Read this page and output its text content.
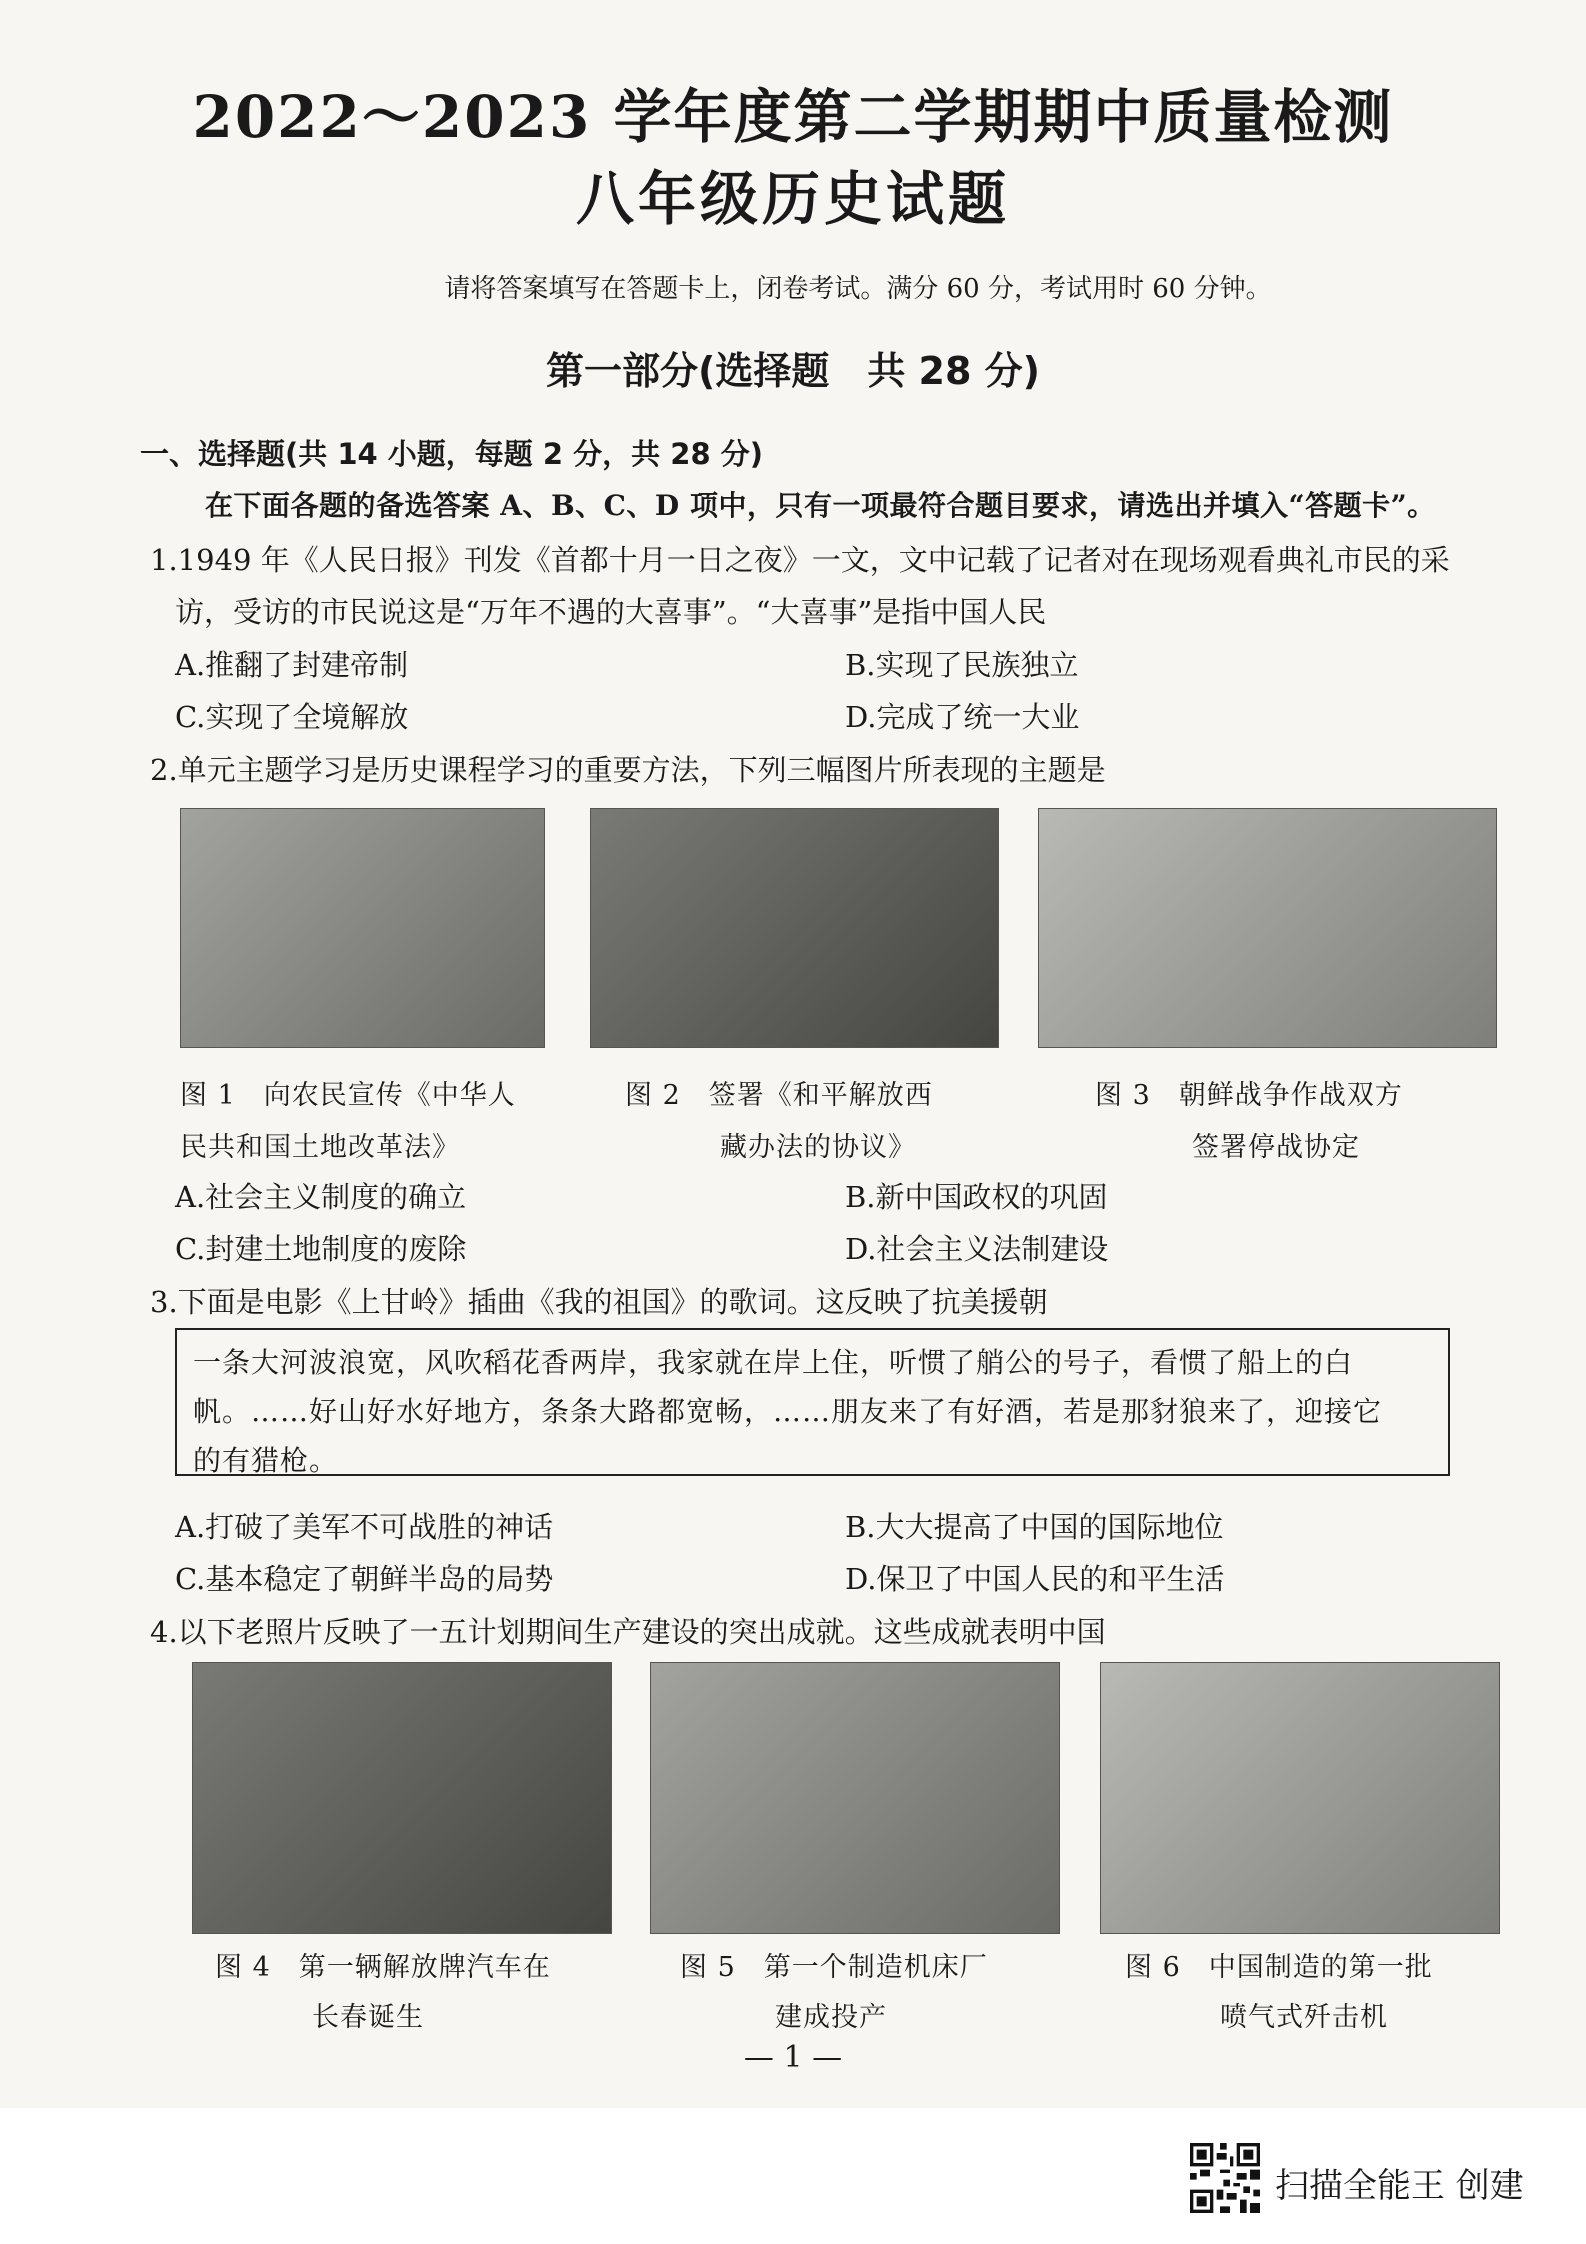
2022～2023 学年度第二学期期中质量检测
八年级历史试题
请将答案填写在答题卡上，闭卷考试。满分 60 分，考试用时 60 分钟。
第一部分(选择题　共 28 分)
一、选择题(共 14 小题，每题 2 分，共 28 分)
在下面各题的备选答案 A、B、C、D 项中，只有一项最符合题目要求，请选出并填入“答题卡”。
1.1949 年《人民日报》刊发《首都十月一日之夜》一文，文中记载了记者对在现场观看典礼市民的采
访，受访的市民说这是“万年不遇的大喜事”。“大喜事”是指中国人民
A.推翻了封建帝制	B.实现了民族独立
C.实现了全境解放	D.完成了统一大业
2.单元主题学习是历史课程学习的重要方法，下列三幅图片所表现的主题是
图 1　向农民宣传《中华人
民共和国土地改革法》
图 2　签署《和平解放西
藏办法的协议》
图 3　朝鲜战争作战双方
签署停战协定
A.社会主义制度的确立	B.新中国政权的巩固
C.封建土地制度的废除	D.社会主义法制建设
3.下面是电影《上甘岭》插曲《我的祖国》的歌词。这反映了抗美援朝
一条大河波浪宽，风吹稻花香两岸，我家就在岸上住，听惯了艄公的号子，看惯了船上的白
帆。……好山好水好地方，条条大路都宽畅，……朋友来了有好酒，若是那豺狼来了，迎接它
的有猎枪。
A.打破了美军不可战胜的神话	B.大大提高了中国的国际地位
C.基本稳定了朝鲜半岛的局势	D.保卫了中国人民的和平生活
4.以下老照片反映了一五计划期间生产建设的突出成就。这些成就表明中国
图 4　第一辆解放牌汽车在
长春诞生
图 5　第一个制造机床厂
建成投产
图 6　中国制造的第一批
喷气式歼击机
— 1 —
扫描全能王 创建
